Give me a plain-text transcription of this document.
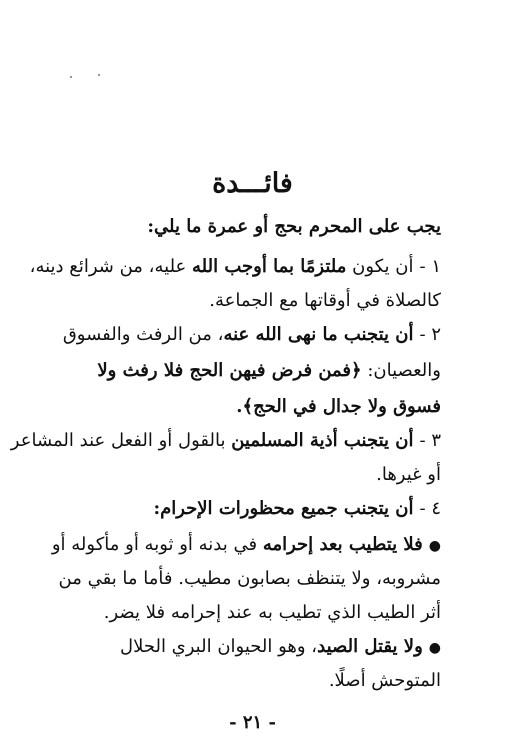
فائـــدة
يجب على المحرم بحج أو عمرة ما يلي:
١ -أن يكون ملتزمًا بما أوجب الله عليه، من شرائع دينه،
كالصلاة في أوقاتها مع الجماعة.
٢ -أن يتجنب ما نهى الله عنه، من الرفث والفسوق
والعصيان: ﴿فمن فرض فيهن الحج فلا رفث ولا
فسوق ولا جدال في الحج﴾.
٣ -أن يتجنب أذية المسلمين بالقول أو الفعل عند المشاعر
أو غيرها.
٤ -أن يتجنب جميع محظورات الإحرام:
●فلا يتطيب بعد إحرامه في بدنه أو ثوبه أو مأكوله أو
مشروبه، ولا يتنظف بصابون مطيب. فأما ما بقي من
أثر الطيب الذي تطيب به عند إحرامه فلا يضر.
●ولا يقتل الصيد، وهو الحيوان البري الحلال
المتوحش أصلًا.
- ٢١ -
